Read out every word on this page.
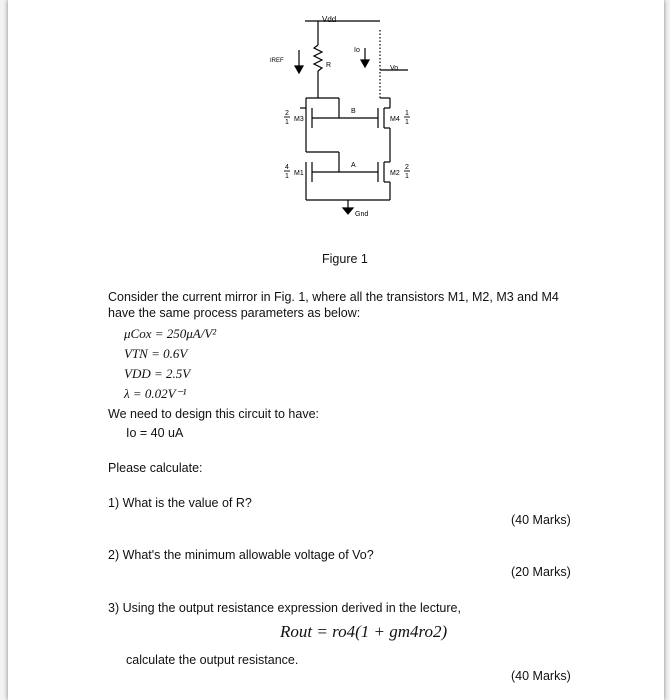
Vdd
IREF
R
Io
Vo
B
A
M3
M1
M4
M2
Gnd
2
1
4
1
1
1
2
1
Figure 1
Consider the current mirror in Fig. 1, where all the transistors M1, M2, M3 and M4
have the same process parameters as below:
μCox = 250μA/V²
VTN = 0.6V
VDD = 2.5V
λ = 0.02V⁻¹
We need to design this circuit to have:
Io = 40 uA
Please calculate:
1) What is the value of R?
(40 Marks)
2) What's the minimum allowable voltage of Vo?
(20 Marks)
3) Using the output resistance expression derived in the lecture,
Rout = ro4(1 + gm4ro2)
calculate the output resistance.
(40 Marks)
